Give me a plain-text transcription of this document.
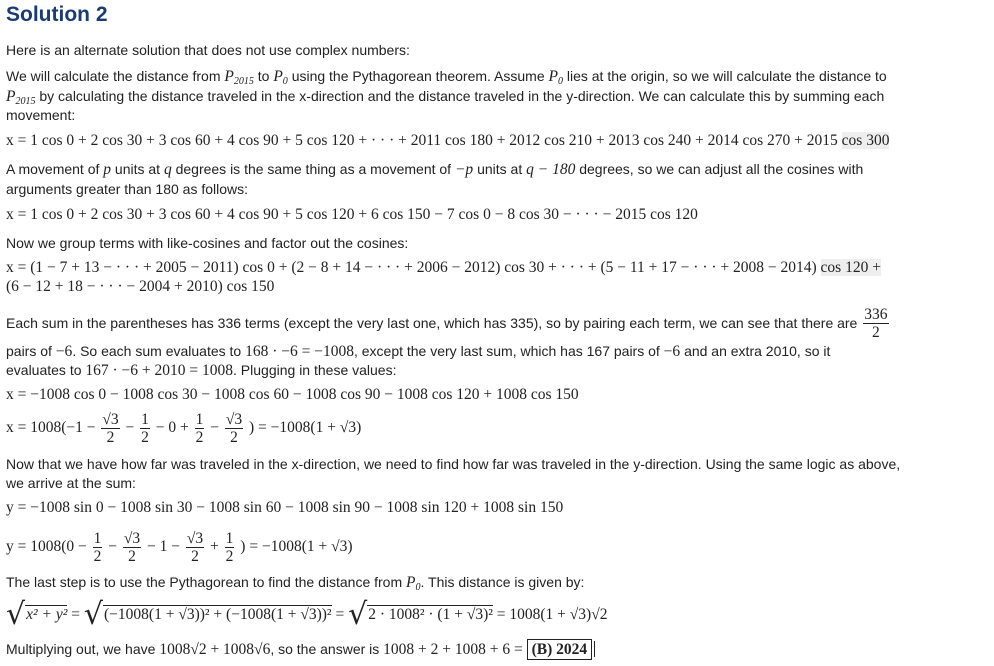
Solution 2
Here is an alternate solution that does not use complex numbers:
We will calculate the distance from $P_{2015}$ to $P_0$ using the Pythagorean theorem. Assume $P_0$ lies at the origin, so we will calculate the distance to
$P_{2015}$ by calculating the distance traveled in the x-direction and the distance traveled in the y-direction. We can calculate this by summing each
movement:
x = 1 cos 0 + 2 cos 30 + 3 cos 60 + 4 cos 90 + 5 cos 120 + · · · + 2011 cos 180 + 2012 cos 210 + 2013 cos 240 + 2014 cos 270 + 2015 cos 300
A movement of p units at q degrees is the same thing as a movement of −p units at q − 180 degrees, so we can adjust all the cosines with
arguments greater than 180 as follows:
x = 1 cos 0 + 2 cos 30 + 3 cos 60 + 4 cos 90 + 5 cos 120 + 6 cos 150 − 7 cos 0 − 8 cos 30 − · · · − 2015 cos 120
Now we group terms with like-cosines and factor out the cosines:
x = (1 − 7 + 13 − · · · + 2005 − 2011) cos 0 + (2 − 8 + 14 − · · · + 2006 − 2012) cos 30 + · · · + (5 − 11 + 17 − · · · + 2008 − 2014) cos 120 +
(6 − 12 + 18 − · · · − 2004 + 2010) cos 150
Each sum in the parentheses has 336 terms (except the very last one, which has 335), so by pairing each term, we can see that there are $\frac{336}{2}$
pairs of −6. So each sum evaluates to 168 · −6 = −1008, except the very last sum, which has 167 pairs of −6 and an extra 2010, so it
evaluates to 167 · −6 + 2010 = 1008. Plugging in these values:
x = −1008 cos 0 − 1008 cos 30 − 1008 cos 60 − 1008 cos 90 − 1008 cos 120 + 1008 cos 150
$x = 1008(-1 - \frac{√3}{2} - \frac{1}{2} - 0 + \frac{1}{2} - \frac{√3}{2}$ ) = −1008(1 + √3)
Now that we have how far was traveled in the x-direction, we need to find how far was traveled in the y-direction. Using the same logic as above,
we arrive at the sum:
y = −1008 sin 0 − 1008 sin 30 − 1008 sin 60 − 1008 sin 90 − 1008 sin 120 + 1008 sin 150
$y = 1008(0 - \frac{1}{2} - \frac{√3}{2} - 1 - \frac{√3}{2} + \frac{1}{2}$ ) = −1008(1 + √3)
The last step is to use the Pythagorean to find the distance from $P_0$. This distance is given by:
√x² + y² = √(−1008(1 + √3))² + (−1008(1 + √3))² = √2 · 1008² · (1 + √3)² = 1008(1 + √3)√2
Multiplying out, we have 1008√2 + 1008√6, so the answer is 1008 + 2 + 1008 + 6 = (B) 2024
